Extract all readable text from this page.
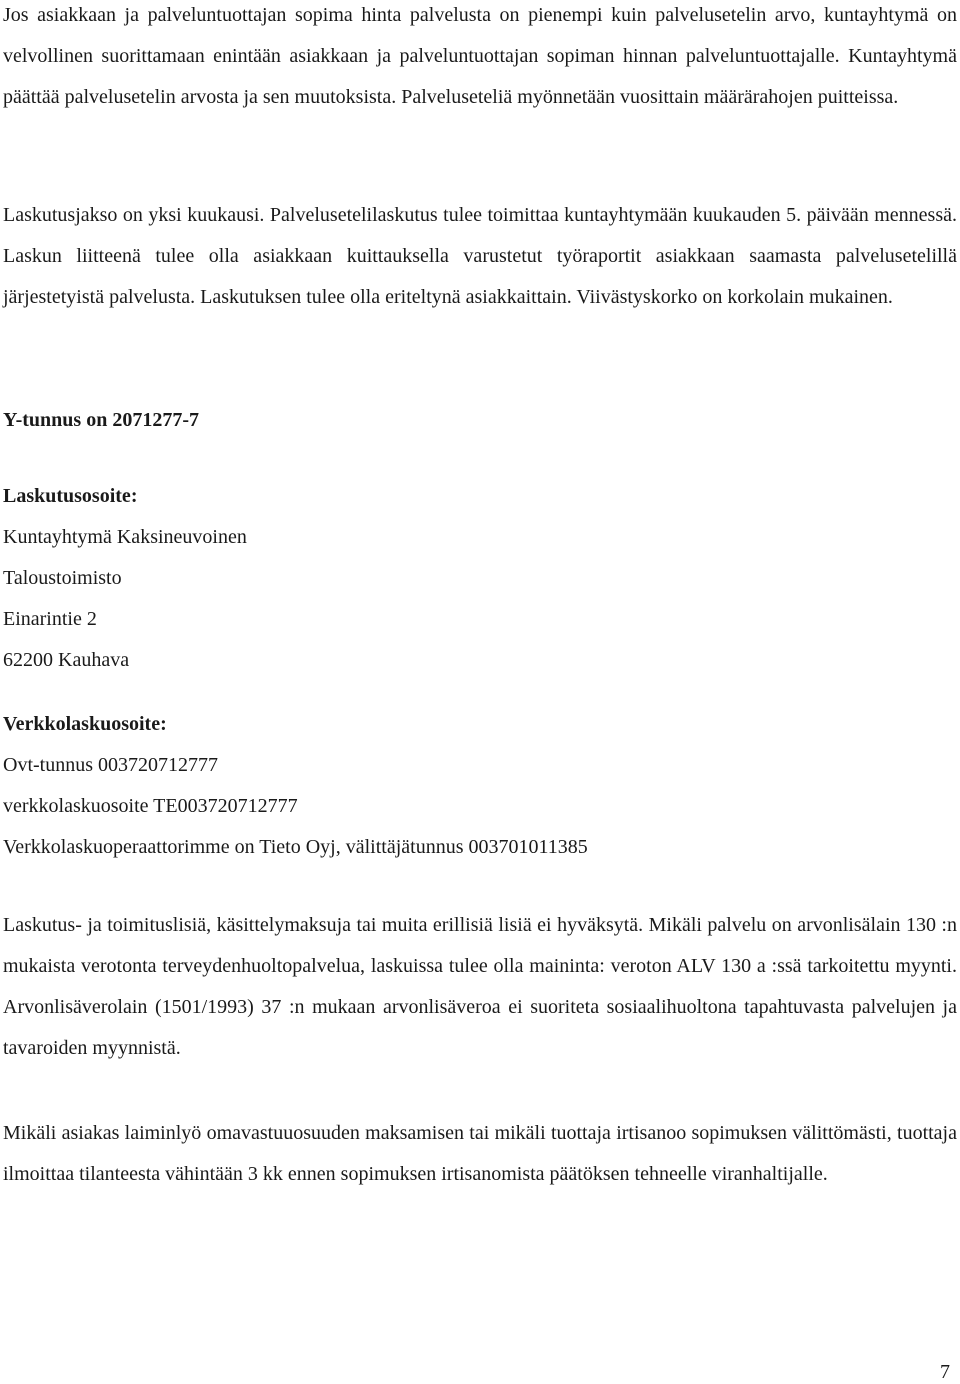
Jos asiakkaan ja palveluntuottajan sopima hinta palvelusta on pienempi kuin palvelusetelin arvo, kuntayhtymä on velvollinen suorittamaan enintään asiakkaan ja palveluntuottajan sopiman hinnan palveluntuottajalle. Kuntayhtymä päättää palvelusetelin arvosta ja sen muutoksista. Palveluseteliä myönnetään vuosittain määrärahojen puitteissa.

Laskutusjakso on yksi kuukausi. Palvelusetelilaskutus tulee toimittaa kuntayhtymään kuukauden 5. päivään mennessä. Laskun liitteenä tulee olla asiakkaan kuittauksella varustetut työraportit asiakkaan saamasta palvelusetelillä järjestetyistä palvelusta. Laskutuksen tulee olla eriteltynä asiakkaittain. Viivästyskorko on korkolain mukainen.

Y-tunnus on 2071277-7

Laskutusosoite:

Kuntayhtymä Kaksineuvoinen

Taloustoimisto

Einarintie 2

62200 Kauhava

Verkkolaskuosoite:

Ovt-tunnus 003720712777

verkkolaskuosoite TE003720712777

Verkkolaskuoperaattorimme on Tieto Oyj, välittäjätunnus 003701011385

Laskutus- ja toimituslisiä, käsittelymaksuja tai muita erillisiä lisiä ei hyväksytä. Mikäli palvelu on arvonlisälain 130 :n mukaista verotonta terveydenhuoltopalvelua, laskuissa tulee olla maininta: veroton ALV 130 a :ssä tarkoitettu myynti. Arvonlisäverolain (1501/1993) 37 :n mukaan arvonlisäveroa ei suoriteta sosiaalihuoltona tapahtuvasta palvelujen ja tavaroiden myynnistä.

Mikäli asiakas laiminlyö omavastuuosuuden maksamisen tai mikäli tuottaja irtisanoo sopimuksen välittömästi, tuottaja ilmoittaa tilanteesta vähintään 3 kk ennen sopimuksen irtisanomista päätöksen tehneelle viranhaltijalle.

7
